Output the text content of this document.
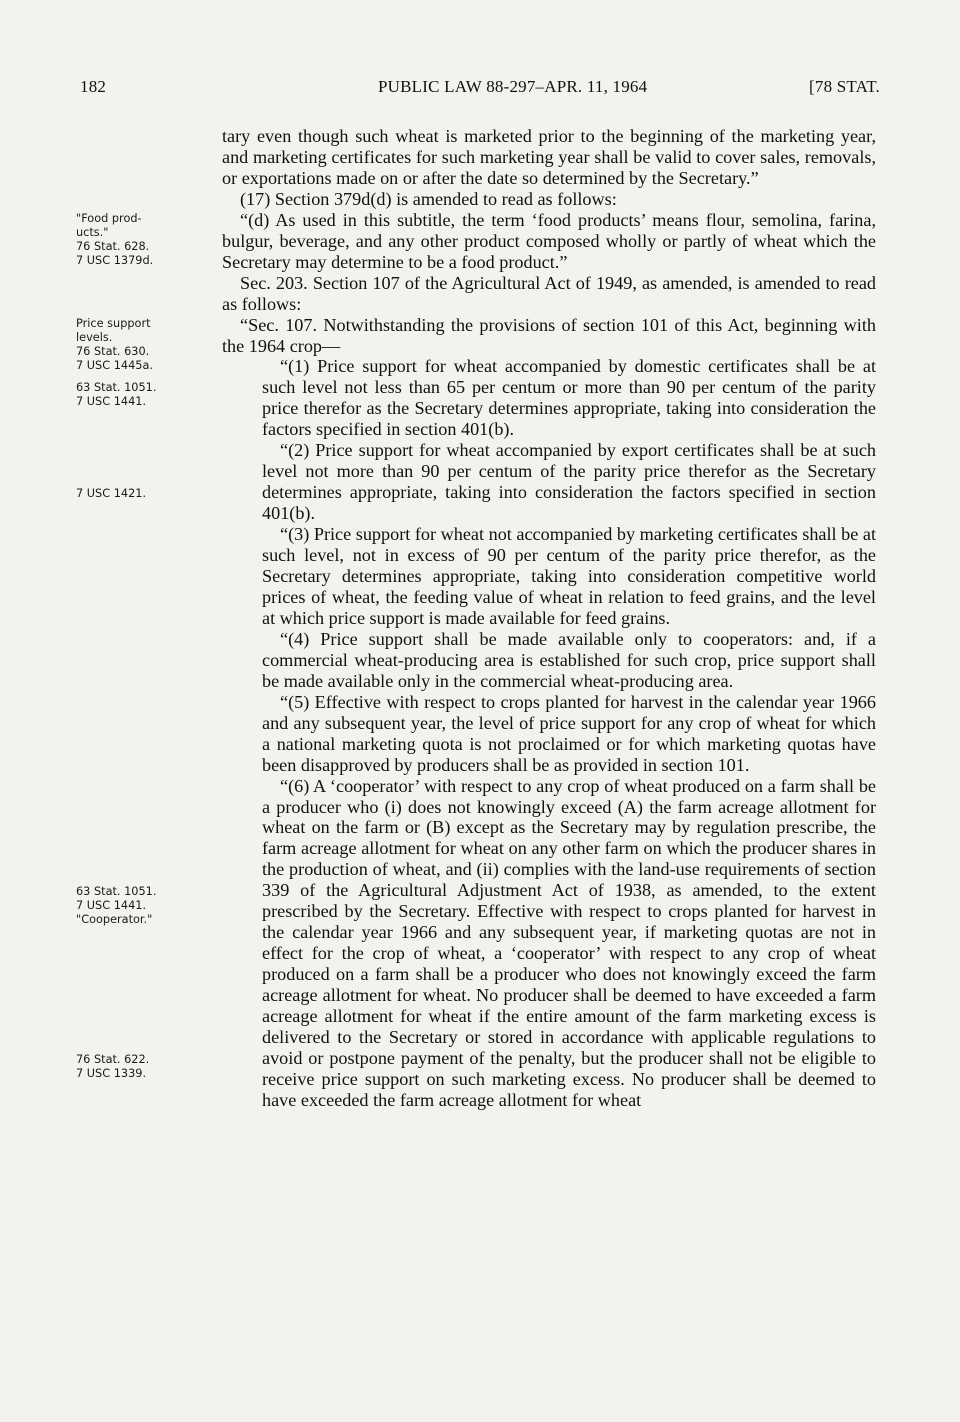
182	PUBLIC LAW 88-297–APR. 11, 1964	[78 STAT.
"Food prod-
ucts."
76 Stat. 628.
7 USC 1379d.
Price support
levels.
76 Stat. 630.
7 USC 1445a.
63 Stat. 1051.
7 USC 1441.
7 USC 1421.
63 Stat. 1051.
7 USC 1441.
"Cooperator."
76 Stat. 622.
7 USC 1339.

tary even though such wheat is marketed prior to the beginning of the marketing year, and marketing certificates for such marketing year shall be valid to cover sales, removals, or exportations made on or after the date so determined by the Secretary.”

(17) Section 379d(d) is amended to read as follows:

“(d) As used in this subtitle, the term ‘food products’ means flour, semolina, farina, bulgur, beverage, and any other product composed wholly or partly of wheat which the Secretary may determine to be a food product.”

Sec. 203. Section 107 of the Agricultural Act of 1949, as amended, is amended to read as follows:

“Sec. 107. Notwithstanding the provisions of section 101 of this Act, beginning with the 1964 crop—

“(1) Price support for wheat accompanied by domestic certificates shall be at such level not less than 65 per centum or more than 90 per centum of the parity price therefor as the Secretary determines appropriate, taking into consideration the factors specified in section 401(b).

“(2) Price support for wheat accompanied by export certificates shall be at such level not more than 90 per centum of the parity price therefor as the Secretary determines appropriate, taking into consideration the factors specified in section 401(b).

“(3) Price support for wheat not accompanied by marketing certificates shall be at such level, not in excess of 90 per centum of the parity price therefor, as the Secretary determines appropriate, taking into consideration competitive world prices of wheat, the feeding value of wheat in relation to feed grains, and the level at which price support is made available for feed grains.

“(4) Price support shall be made available only to cooperators: and, if a commercial wheat-producing area is established for such crop, price support shall be made available only in the commercial wheat-producing area.

“(5) Effective with respect to crops planted for harvest in the calendar year 1966 and any subsequent year, the level of price support for any crop of wheat for which a national marketing quota is not proclaimed or for which marketing quotas have been disapproved by producers shall be as provided in section 101.

“(6) A ‘cooperator’ with respect to any crop of wheat produced on a farm shall be a producer who (i) does not knowingly exceed (A) the farm acreage allotment for wheat on the farm or (B) except as the Secretary may by regulation prescribe, the farm acreage allotment for wheat on any other farm on which the producer shares in the production of wheat, and (ii) complies with the land-use requirements of section 339 of the Agricultural Adjustment Act of 1938, as amended, to the extent prescribed by the Secretary. Effective with respect to crops planted for harvest in the calendar year 1966 and any subsequent year, if marketing quotas are not in effect for the crop of wheat, a ‘cooperator’ with respect to any crop of wheat produced on a farm shall be a producer who does not knowingly exceed the farm acreage allotment for wheat. No producer shall be deemed to have exceeded a farm acreage allotment for wheat if the entire amount of the farm marketing excess is delivered to the Secretary or stored in accordance with applicable regulations to avoid or postpone payment of the penalty, but the producer shall not be eligible to receive price support on such marketing excess. No producer shall be deemed to have exceeded the farm acreage allotment for wheat
